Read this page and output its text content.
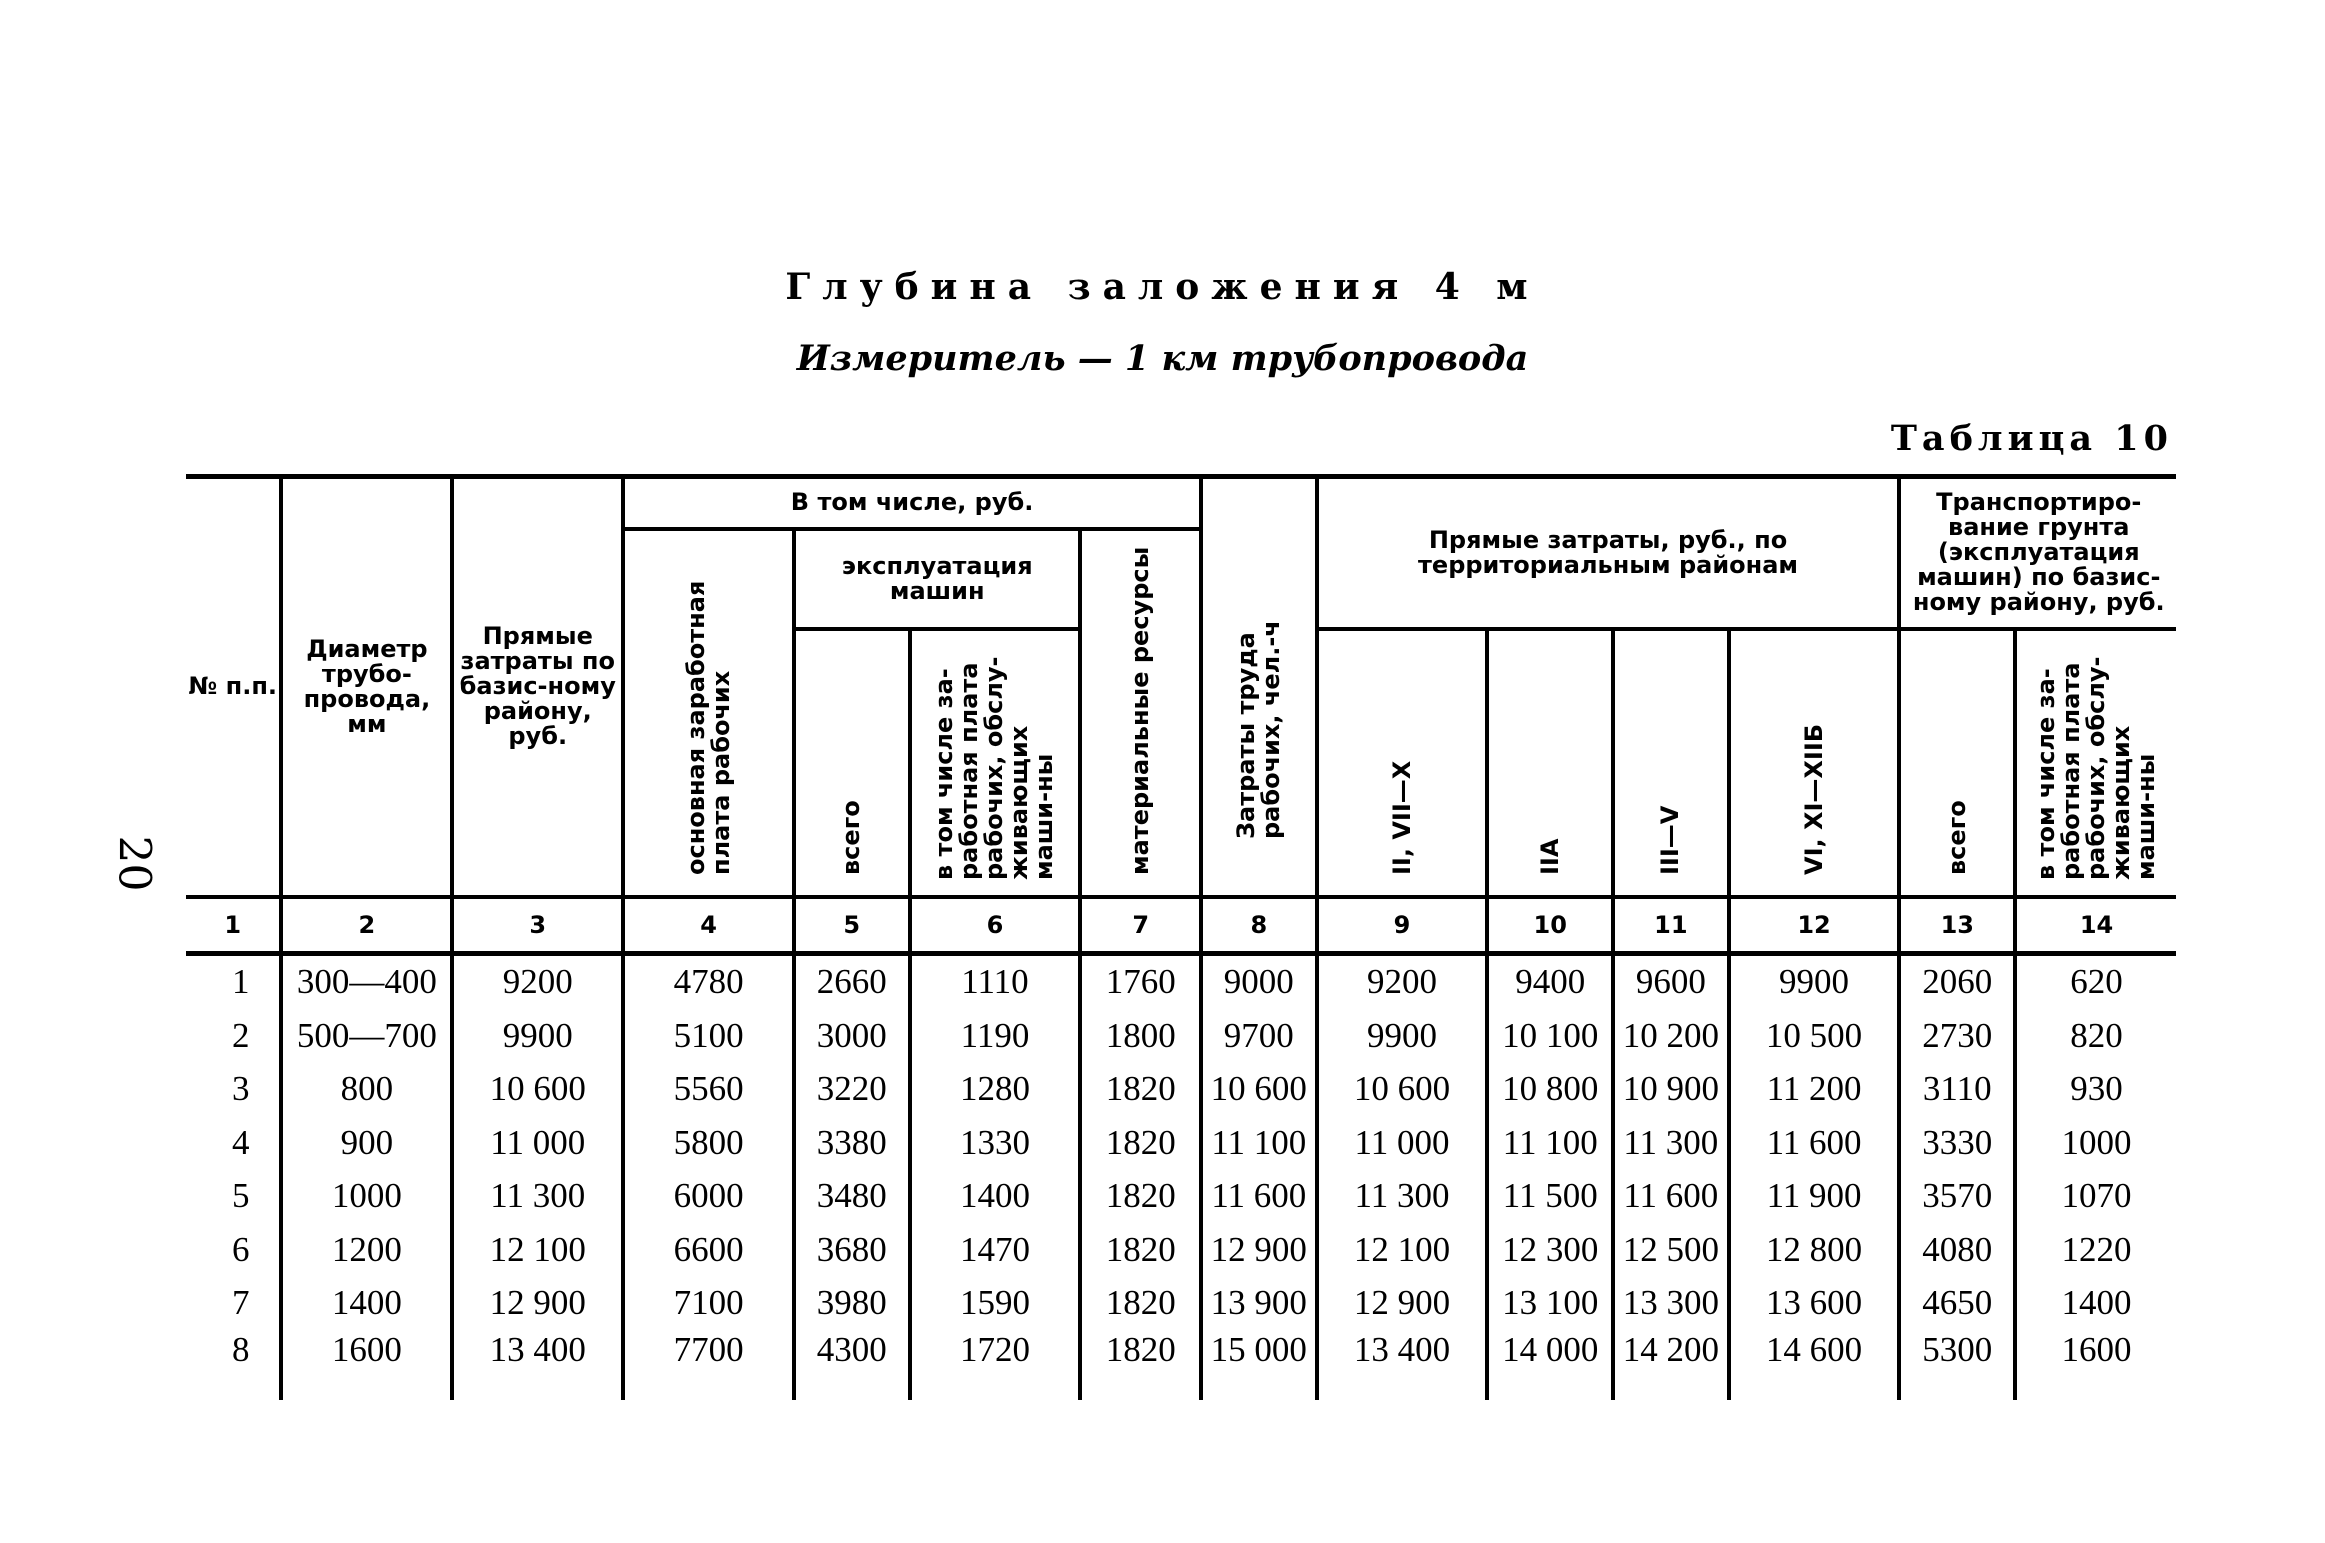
20
Глубина заложения 4 м
Измеритель — 1 км трубопровода
Таблица 10
№ п.п.	Диаметр трубо-провода, мм	Прямые затраты по базис-ному району, руб.	В том числе, руб.				Затраты труда рабочих, чел.-ч	Прямые затраты, руб., по территориальным районам				Транспортиро-вание грунта (эксплуатация машин) по базис-ному району, руб.	
			основная заработная плата рабочих	эксплуатация машин		материальные ресурсы							
				всего	в том числе за-работная плата рабочих, обслу-живающих маши-ны			II, VII—X	IIА	III—V	VI, XI—XIIБ	всего	в том числе за-работная плата рабочих, обслу-живающих маши-ны
1	2	3	4	5	6	7	8	9	10	11	12	13	14
1	300—400	9200	4780	2660	1110	1760	9000	9200	9400	9600	9900	2060	620
2	500—700	9900	5100	3000	1190	1800	9700	9900	10 100	10 200	10 500	2730	820
3	800	10 600	5560	3220	1280	1820	10 600	10 600	10 800	10 900	11 200	3110	930
4	900	11 000	5800	3380	1330	1820	11 100	11 000	11 100	11 300	11 600	3330	1000
5	1000	11 300	6000	3480	1400	1820	11 600	11 300	11 500	11 600	11 900	3570	1070
6	1200	12 100	6600	3680	1470	1820	12 900	12 100	12 300	12 500	12 800	4080	1220
7	1400	12 900	7100	3980	1590	1820	13 900	12 900	13 100	13 300	13 600	4650	1400
8	1600	13 400	7700	4300	1720	1820	15 000	13 400	14 000	14 200	14 600	5300	1600
